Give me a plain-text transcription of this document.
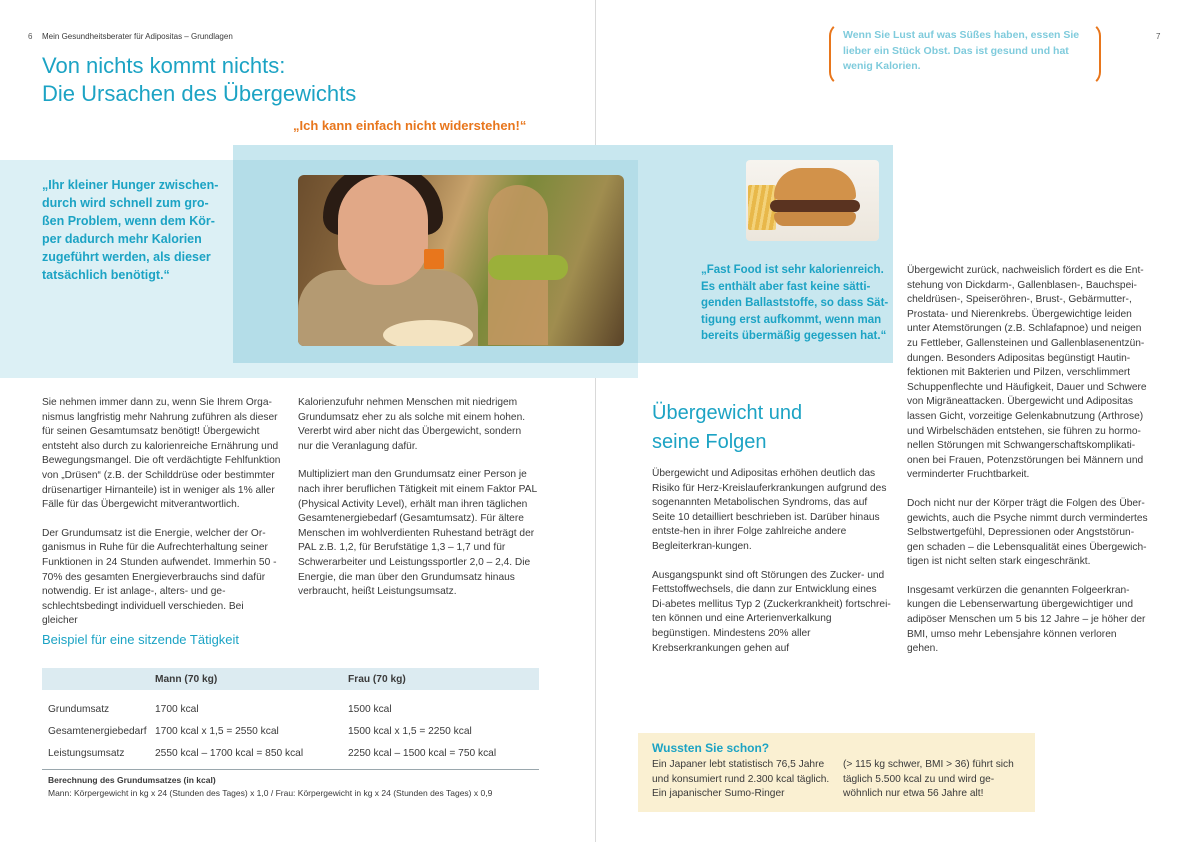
6 Mein Gesundheitsberater für Adipositas – Grundlagen
Von nichts kommt nichts:
Die Ursachen des Übergewichts
„Ich kann einfach nicht widerstehen!“
„Ihr kleiner Hunger zwischen-
durch wird schnell zum gro-
ßen Problem, wenn dem Kör-
per dadurch mehr Kalorien
zugeführt werden, als dieser
tatsächlich benötigt.“	„Fast Food ist sehr kalorienreich.
Es enthält aber fast keine sätti-
genden Ballaststoffe, so dass Sät-
tigung erst aufkommt, wenn man
bereits übermäßig gegessen hat.“

Sie nehmen immer dann zu, wenn Sie Ihrem Orga-nismus langfristig mehr Nahrung zuführen als dieser für seinen Gesamtumsatz benötigt! Übergewicht entsteht also durch zu kalorienreiche Ernährung und Bewegungsmangel. Die oft verdächtigte Fehlfunktion von „Drüsen“ (z.B. der Schilddrüse oder bestimmter drüsenartiger Hirnanteile) ist in weniger als 1% aller Fälle für das Übergewicht mitverantwortlich.

Der Grundumsatz ist die Energie, welcher der Or-ganismus in Ruhe für die Aufrechterhaltung seiner Funktionen in 24 Stunden aufwendet. Immerhin 50 - 70% des gesamten Energieverbrauchs sind dafür notwendig. Er ist anlage-, alters- und ge-schlechtsbedingt individuell verschieden. Bei gleicher

Kalorienzufuhr nehmen Menschen mit niedrigem Grundumsatz eher zu als solche mit einem hohen. Vererbt wird aber nicht das Übergewicht, sondern nur die Veranlagung dafür.

Multipliziert man den Grundumsatz einer Person je nach ihrer beruflichen Tätigkeit mit einem Faktor PAL (Physical Activity Level), erhält man ihren täglichen Gesamtenergiebedarf (Gesamtumsatz). Für ältere Menschen im wohlverdienten Ruhestand beträgt der PAL z.B. 1,2, für Berufstätige 1,3 – 1,7 und für Schwerarbeiter und Leistungssportler 2,0 – 2,4. Die Energie, die man über den Grundumsatz hinaus verbraucht, heißt Leistungsumsatz.

Beispiel für eine sitzende Tätigkeit
	Mann (70 kg)	Frau (70 kg)

Grundumsatz	1700 kcal	1500 kcal
Gesamtenergiebedarf	1700 kcal x 1,5 = 2550 kcal	1500 kcal x 1,5 = 2250 kcal
Leistungsumsatz	2550 kcal – 1700 kcal = 850 kcal	2250 kcal – 1500 kcal = 750 kcal
Berechnung des Grundumsatzes (in kcal)
Mann: Körpergewicht in kg x 24 (Stunden des Tages) x 1,0 / Frau: Körpergewicht in kg x 24 (Stunden des Tages) x 0,9
7
Wenn Sie Lust auf was Süßes haben, essen Sie lieber ein Stück Obst. Das ist gesund und hat wenig Kalorien.
Übergewicht und
seine Folgen

Übergewicht und Adipositas erhöhen deutlich das Risiko für Herz-Kreislauferkrankungen aufgrund des sogenannten Metabolischen Syndroms, das auf Seite 10 detailliert beschrieben ist. Darüber hinaus entste-hen in ihrer Folge zahlreiche andere Begleiterkran-kungen.

Ausgangspunkt sind oft Störungen des Zucker- und Fettstoffwechsels, die dann zur Entwicklung eines Di-abetes mellitus Typ 2 (Zuckerkrankheit) fortschrei-ten können und eine Arterienverkalkung begünstigen. Mindestens 20% aller Krebserkrankungen gehen auf

Übergewicht zurück, nachweislich fördert es die Ent-stehung von Dickdarm-, Gallenblasen-, Bauchspei-cheldrüsen-, Speiseröhren-, Brust-, Gebärmutter-, Prostata- und Nierenkrebs. Übergewichtige leiden unter Atemstörungen (z.B. Schlafapnoe) und neigen zu Fettleber, Gallensteinen und Gallenblasenentzün-dungen. Besonders Adipositas begünstigt Hautin-fektionen mit Bakterien und Pilzen, verschlimmert Schuppenflechte und Häufigkeit, Dauer und Schwere von Migräneattacken. Übergewicht und Adipositas lassen Gicht, vorzeitige Gelenkabnutzung (Arthrose) und Wirbelschäden entstehen, sie führen zu hormo-nellen Störungen mit Schwangerschaftskomplikati-onen bei Frauen, Potenzstörungen bei Männern und verminderter Fruchtbarkeit.

Doch nicht nur der Körper trägt die Folgen des Über-gewichts, auch die Psyche nimmt durch vermindertes Selbstwertgefühl, Depressionen oder Angststörun-gen schaden – die Lebensqualität eines Übergewich-tigen ist nicht selten stark eingeschränkt.

Insgesamt verkürzen die genannten Folgeerkran-kungen die Lebenserwartung übergewichtiger und adipöser Menschen um 5 bis 12 Jahre – je höher der BMI, umso mehr Lebensjahre können verloren gehen.

Wussten Sie schon?
Ein Japaner lebt statistisch 76,5 Jahre und konsumiert rund 2.300 kcal täglich. Ein japanischer Sumo-Ringer
(> 115 kg schwer, BMI > 36) führt sich täglich 5.500 kcal zu und wird ge-wöhnlich nur etwa 56 Jahre alt!
